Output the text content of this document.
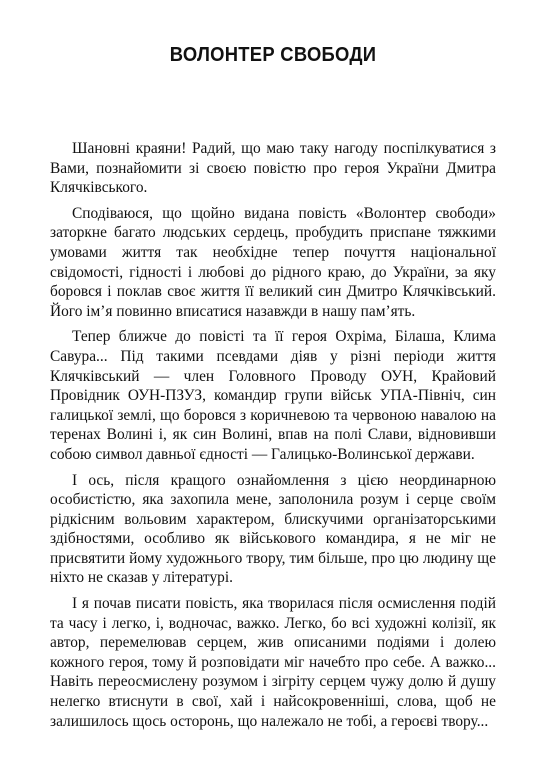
ВОЛОНТЕР СВОБОДИ

Шановні краяни! Радий, що маю таку нагоду поспілкуватися з Вами, познайомити зі своєю повістю про героя України Дмитра Клячківського.

Сподіваюся, що щойно видана повість «Волонтер свободи» заторкне багато людських сердець, пробудить приспане тяжкими умовами життя так необхідне тепер почуття національної свідомості, гідності і любові до рідного краю, до України, за яку боровся і поклав своє життя її великий син Дмитро Клячківський. Його ім’я повинно вписатися назавжди в нашу пам’ять.

Тепер ближче до повісті та її героя Охріма, Білаша, Клима Савура... Під такими псевдами діяв у різні періоди життя Клячківський — член Головного Проводу ОУН, Крайовий Провідник ОУН-ПЗУЗ, командир групи військ УПА-Північ, син галицької землі, що боровся з коричневою та червоною навалою на теренах Волині і, як син Волині, впав на полі Слави, відновивши собою символ давньої єдності — Галицько-Волинської держави.

І ось, після кращого ознайомлення з цією неординарною особистістю, яка захопила мене, заполонила розум і серце своїм рідкісним вольовим характером, блискучими організаторськими здібностями, особливо як військового командира, я не міг не присвятити йому художнього твору, тим більше, про цю людину ще ніхто не сказав у літературі.

І я почав писати повість, яка творилася після осмислення подій та часу і легко, і, водночас, важко. Легко, бо всі художні колізії, як автор, перемелював серцем, жив описаними подіями і долею кожного героя, тому й розповідати міг начебто про себе. А важко... Навіть переосмислену розумом і зігріту серцем чужу долю й душу нелегко втиснути в свої, хай і найсокровенніші, слова, щоб не залишилось щось осторонь, що належало не тобі, а героєві твору...
